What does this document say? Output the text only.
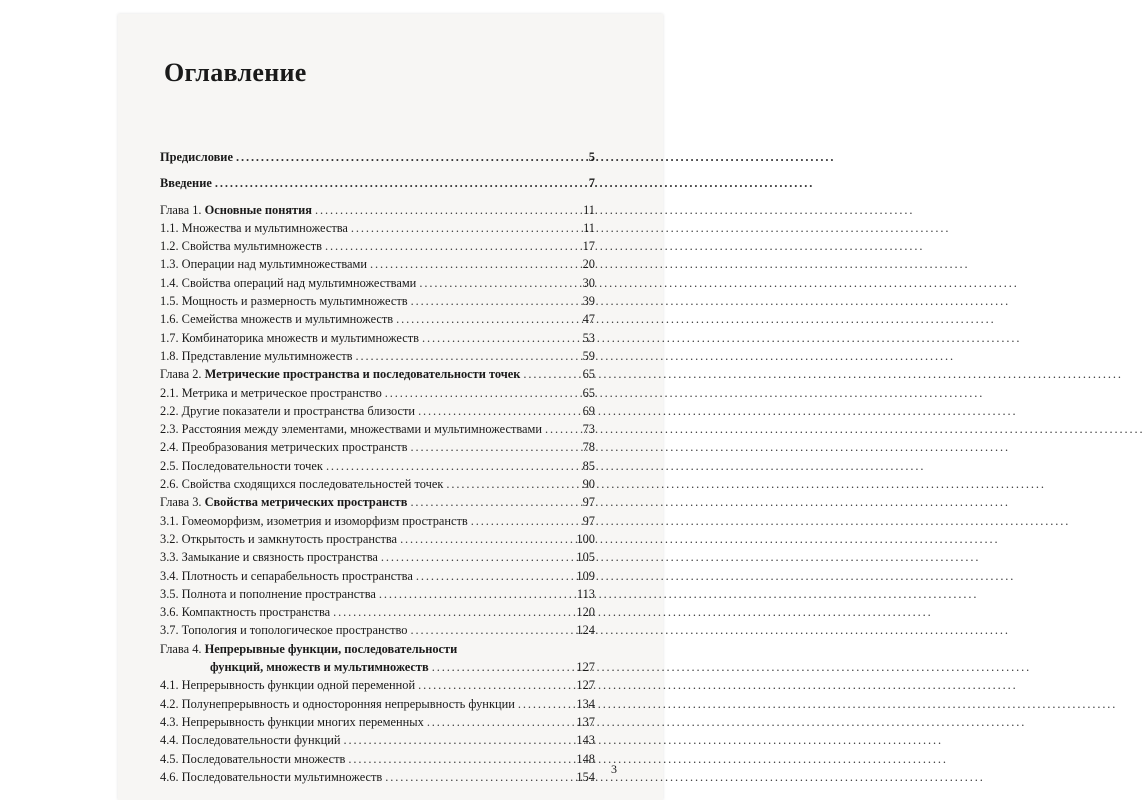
Оглавление
Предисловие . . .	5
Введение . . .	7
Глава 1. Основные понятия . . .	11
1.1. Множества и мультимножества . . .	11
1.2. Свойства мультимножеств . . .	17
1.3. Операции над мультимножествами . . .	20
1.4. Свойства операций над мультимножествами . . .	30
1.5. Мощность и размерность мультимножеств . . .	39
1.6. Семейства множеств и мультимножеств . . .	47
1.7. Комбинаторика множеств и мультимножеств . . .	53
1.8. Представление мультимножеств . . .	59
Глава 2. Метрические пространства и последовательности точек . . .	65
2.1. Метрика и метрическое пространство . . .	65
2.2. Другие показатели и пространства близости . . .	69
2.3. Расстояния между элементами, множествами и мультимножествами . . .	73
2.4. Преобразования метрических пространств . . .	78
2.5. Последовательности точек . . .	85
2.6. Свойства сходящихся последовательностей точек . . .	90
Глава 3. Свойства метрических пространств . . .	97
3.1. Гомеоморфизм, изометрия и изоморфизм пространств . . .	97
3.2. Открытость и замкнутость пространства . . .	100
3.3. Замыкание и связность пространства . . .	105
3.4. Плотность и сепарабельность пространства . . .	109
3.5. Полнота и пополнение пространства . . .	113
3.6. Компактность пространства . . .	120
3.7. Топология и топологическое пространство . . .	124
Глава 4. Непрерывные функции, последовательности
функций, множеств и мультимножеств . . .	127
4.1. Непрерывность функции одной переменной . . .	127
4.2. Полунепрерывность и односторонняя непрерывность функции . . .	134
4.3. Непрерывность функции многих переменных . . .	137
4.4. Последовательности функций . . .	143
4.5. Последовательности множеств . . .	148
4.6. Последовательности мультимножеств . . .	154
3
